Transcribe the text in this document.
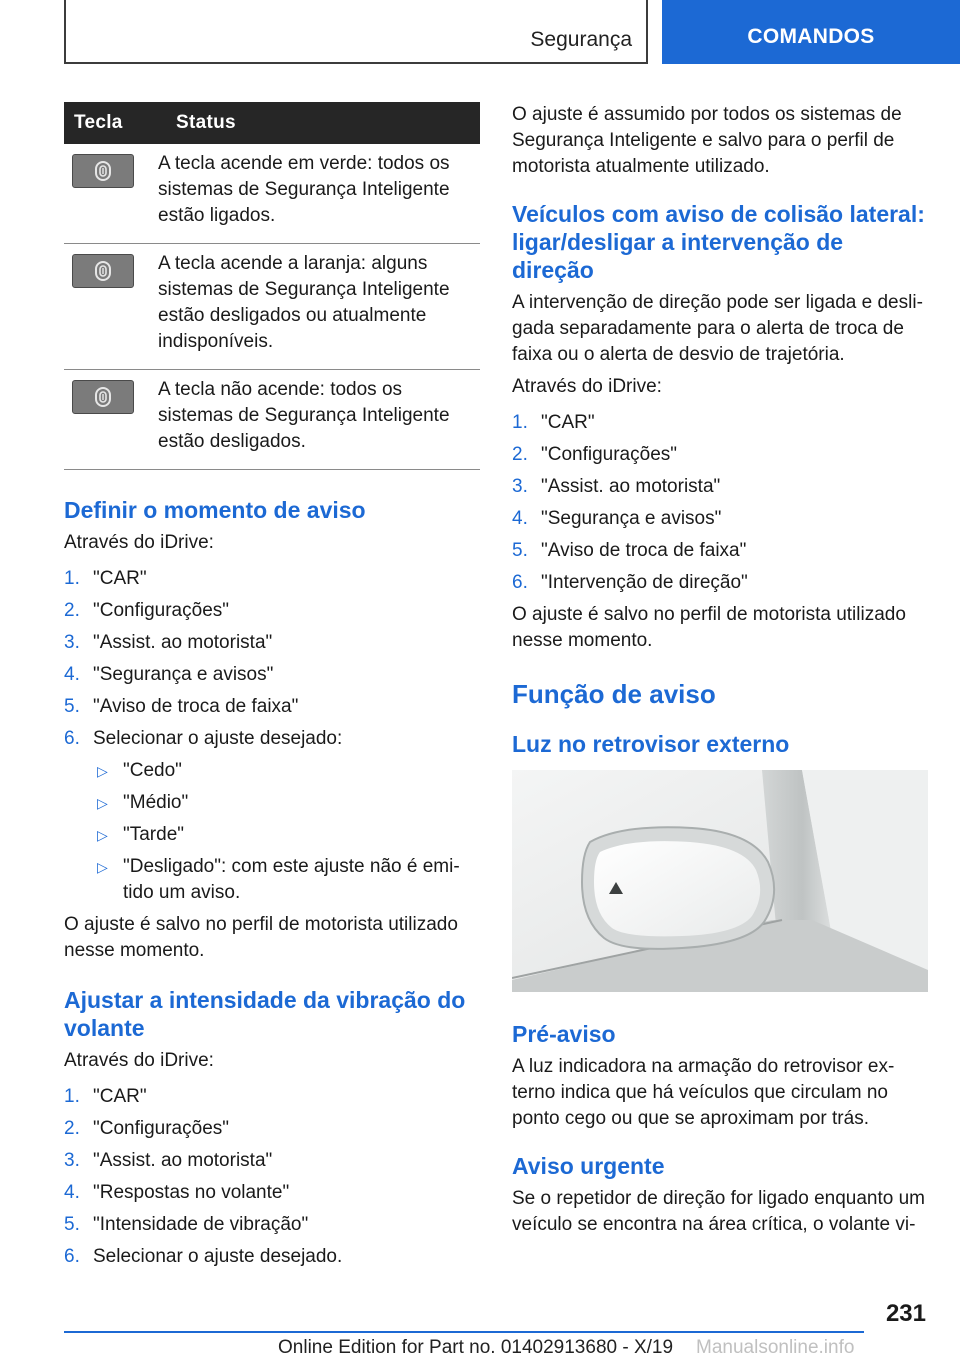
Segurança	COMANDOS
Tecla	Status

	A tecla acende em verde: todos os sistemas de Segurança Inteligente estão ligados.

	A tecla acende a laranja: alguns sistemas de Segurança Inteligente estão desligados ou atualmente indisponíveis.

	A tecla não acende: todos os sistemas de Segurança Inteligente estão desligados.
Definir o momento de aviso

Através do iDrive:

1. "CAR"
2. "Configurações"
3. "Assist. ao motorista"
4. "Segurança e avisos"
5. "Aviso de troca de faixa"
6. Selecionar o ajuste desejado:
▷ "Cedo"
▷ "Médio"
▷ "Tarde"
▷ "Desligado": com este ajuste não é emitido um aviso.

O ajuste é salvo no perfil de motorista utilizado nesse momento.

Ajustar a intensidade da vibração do volante

Através do iDrive:

1. "CAR"
2. "Configurações"
3. "Assist. ao motorista"
4. "Respostas no volante"
5. "Intensidade de vibração"
6. Selecionar o ajuste desejado.

O ajuste é assumido por todos os sistemas de Segurança Inteligente e salvo para o perfil de motorista atualmente utilizado.

Veículos com aviso de colisão lateral: ligar/desligar a intervenção de direção

A intervenção de direção pode ser ligada e desligada separadamente para o alerta de troca de faixa ou o alerta de desvio de trajetória.

Através do iDrive:

1. "CAR"
2. "Configurações"
3. "Assist. ao motorista"
4. "Segurança e avisos"
5. "Aviso de troca de faixa"
6. "Intervenção de direção"

O ajuste é salvo no perfil de motorista utilizado nesse momento.

Função de aviso
Luz no retrovisor externo
Pré-aviso

A luz indicadora na armação do retrovisor externo indica que há veículos que circulam no ponto cego ou que se aproximam por trás.

Aviso urgente

Se o repetidor de direção for ligado enquanto um veículo se encontra na área crítica, o volante vi-

231
Online Edition for Part no. 01402913680 - X/19 Manualsonline.info
